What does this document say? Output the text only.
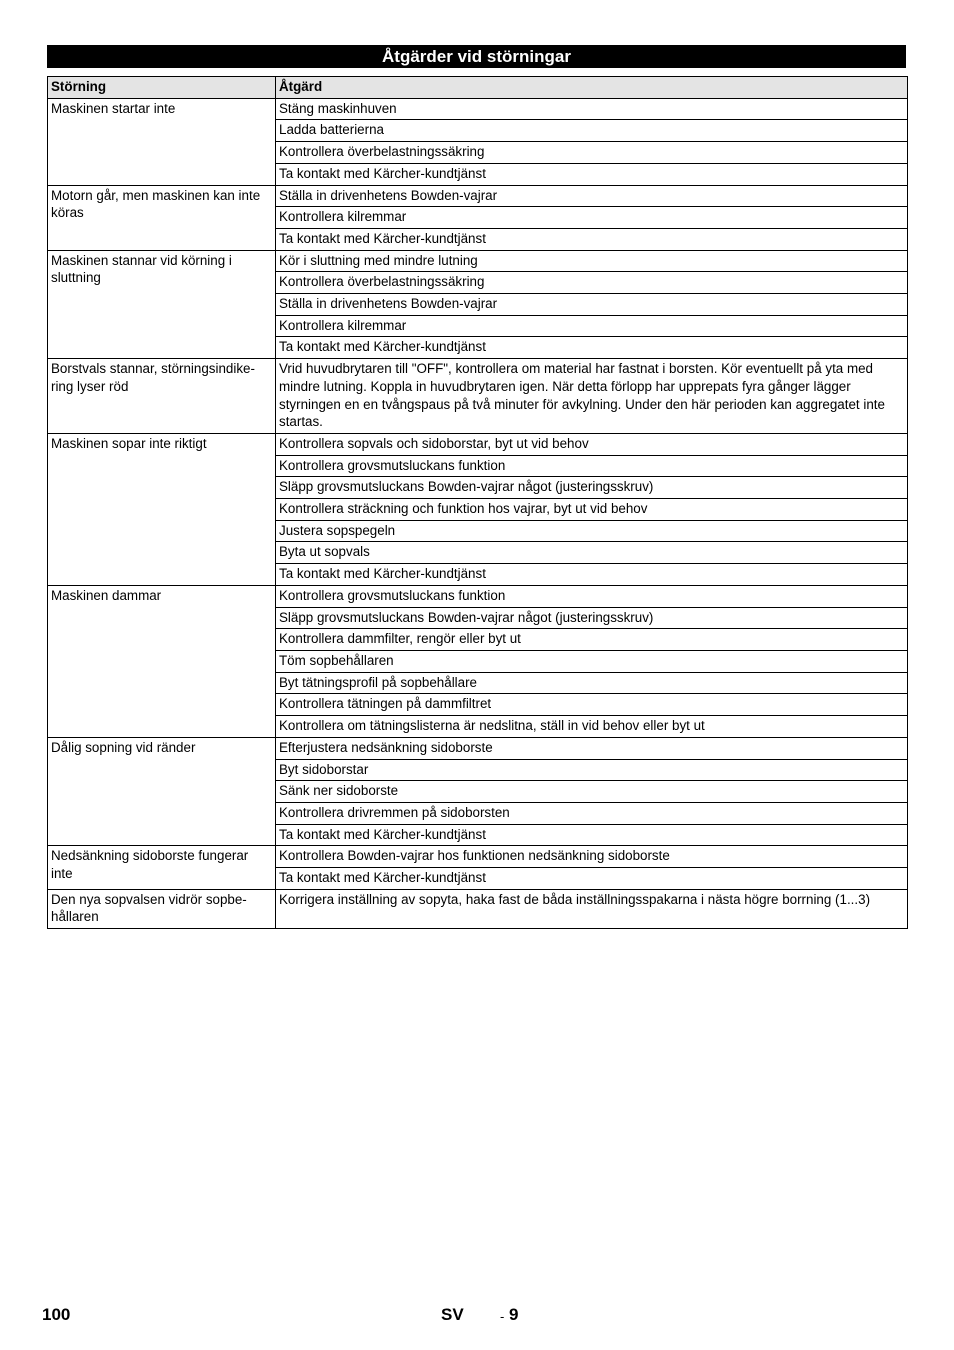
Åtgärder vid störningar
Störning	Åtgärd
Maskinen startar inte	Stäng maskinhuven
	Ladda batterierna
	Kontrollera överbelastningssäkring
	Ta kontakt med Kärcher-kundtjänst
Motorn går, men maskinen kan inte köras	Ställa in drivenhetens Bowden-vajrar
	Kontrollera kilremmar
	Ta kontakt med Kärcher-kundtjänst
Maskinen stannar vid körning i sluttning	Kör i sluttning med mindre lutning
	Kontrollera överbelastningssäkring
	Ställa in drivenhetens Bowden-vajrar
	Kontrollera kilremmar
	Ta kontakt med Kärcher-kundtjänst
Borstvals stannar, störningsindike-ring lyser röd	Vrid huvudbrytaren till "OFF", kontrollera om material har fastnat i borsten. Kör eventuellt på yta med mindre lutning. Koppla in huvudbrytaren igen. När detta förlopp har upprepats fyra gånger lägger styrningen en en tvångspaus på två minuter för avkylning. Under den här perioden kan aggregatet inte startas.
Maskinen sopar inte riktigt	Kontrollera sopvals och sidoborstar, byt ut vid behov
	Kontrollera grovsmutsluckans funktion
	Släpp grovsmutsluckans Bowden-vajrar något (justeringsskruv)
	Kontrollera sträckning och funktion hos vajrar, byt ut vid behov
	Justera sopspegeln
	Byta ut sopvals
	Ta kontakt med Kärcher-kundtjänst
Maskinen dammar	Kontrollera grovsmutsluckans funktion
	Släpp grovsmutsluckans Bowden-vajrar något (justeringsskruv)
	Kontrollera dammfilter, rengör eller byt ut
	Töm sopbehållaren
	Byt tätningsprofil på sopbehållare
	Kontrollera tätningen på dammfiltret
	Kontrollera om tätningslisterna är nedslitna, ställ in vid behov eller byt ut
Dålig sopning vid ränder	Efterjustera nedsänkning sidoborste
	Byt sidoborstar
	Sänk ner sidoborste
	Kontrollera drivremmen på sidoborsten
	Ta kontakt med Kärcher-kundtjänst
Nedsänkning sidoborste fungerar inte	Kontrollera Bowden-vajrar hos funktionen nedsänkning sidoborste
	Ta kontakt med Kärcher-kundtjänst
Den nya sopvalsen vidrör sopbe-hållaren	Korrigera inställning av sopyta, haka fast de båda inställningsspakarna i nästa högre borrning (1...3)
100	SV	- 9
